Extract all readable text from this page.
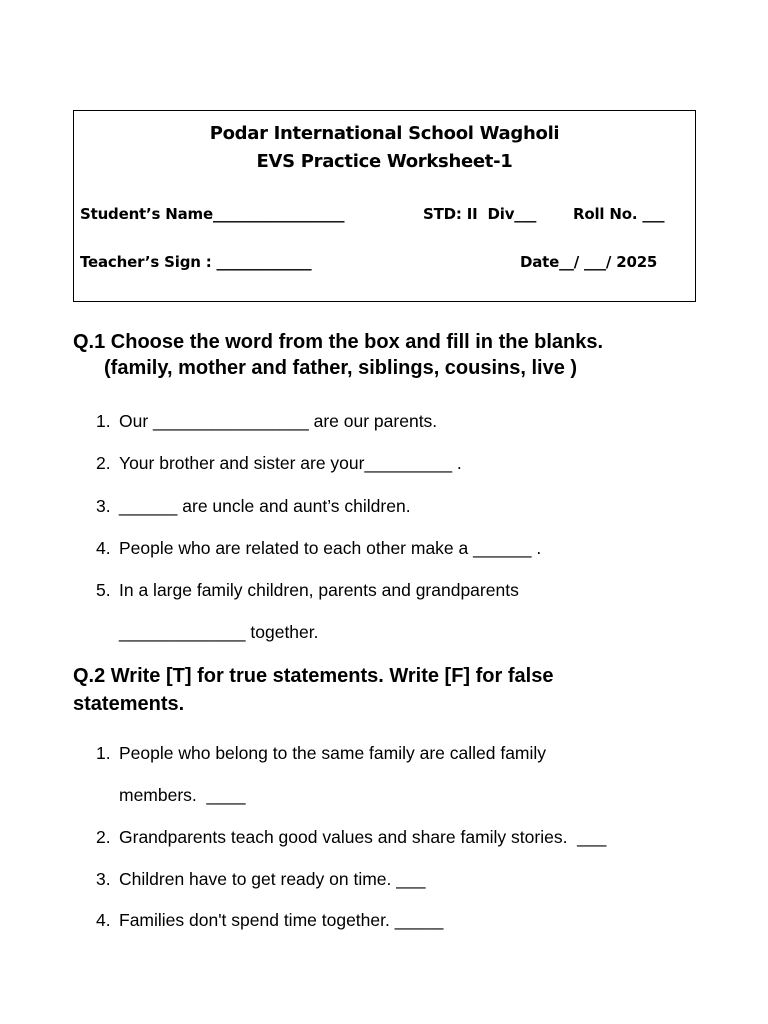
Podar International School Wagholi
EVS Practice Worksheet-1
Student’s Name__________________	STD: II  Div___ Roll No. ___
Teacher’s Sign : _____________	Date__/ ___/ 2025
Q.1 Choose the word from the box and fill in the blanks.
(family, mother and father, siblings, cousins, live )
1. Our ________________ are our parents.
2. Your brother and sister are your_________ .
3. ______ are uncle and aunt’s children.
4. People who are related to each other make a ______ .
5. In a large family children, parents and grandparents
_____________ together.
Q.2 Write [T] for true statements. Write [F] for false statements.
1. People who belong to the same family are called family
members.  ____
2. Grandparents teach good values and share family stories.  ___
3. Children have to get ready on time. ___
4. Families don't spend time together. _____
